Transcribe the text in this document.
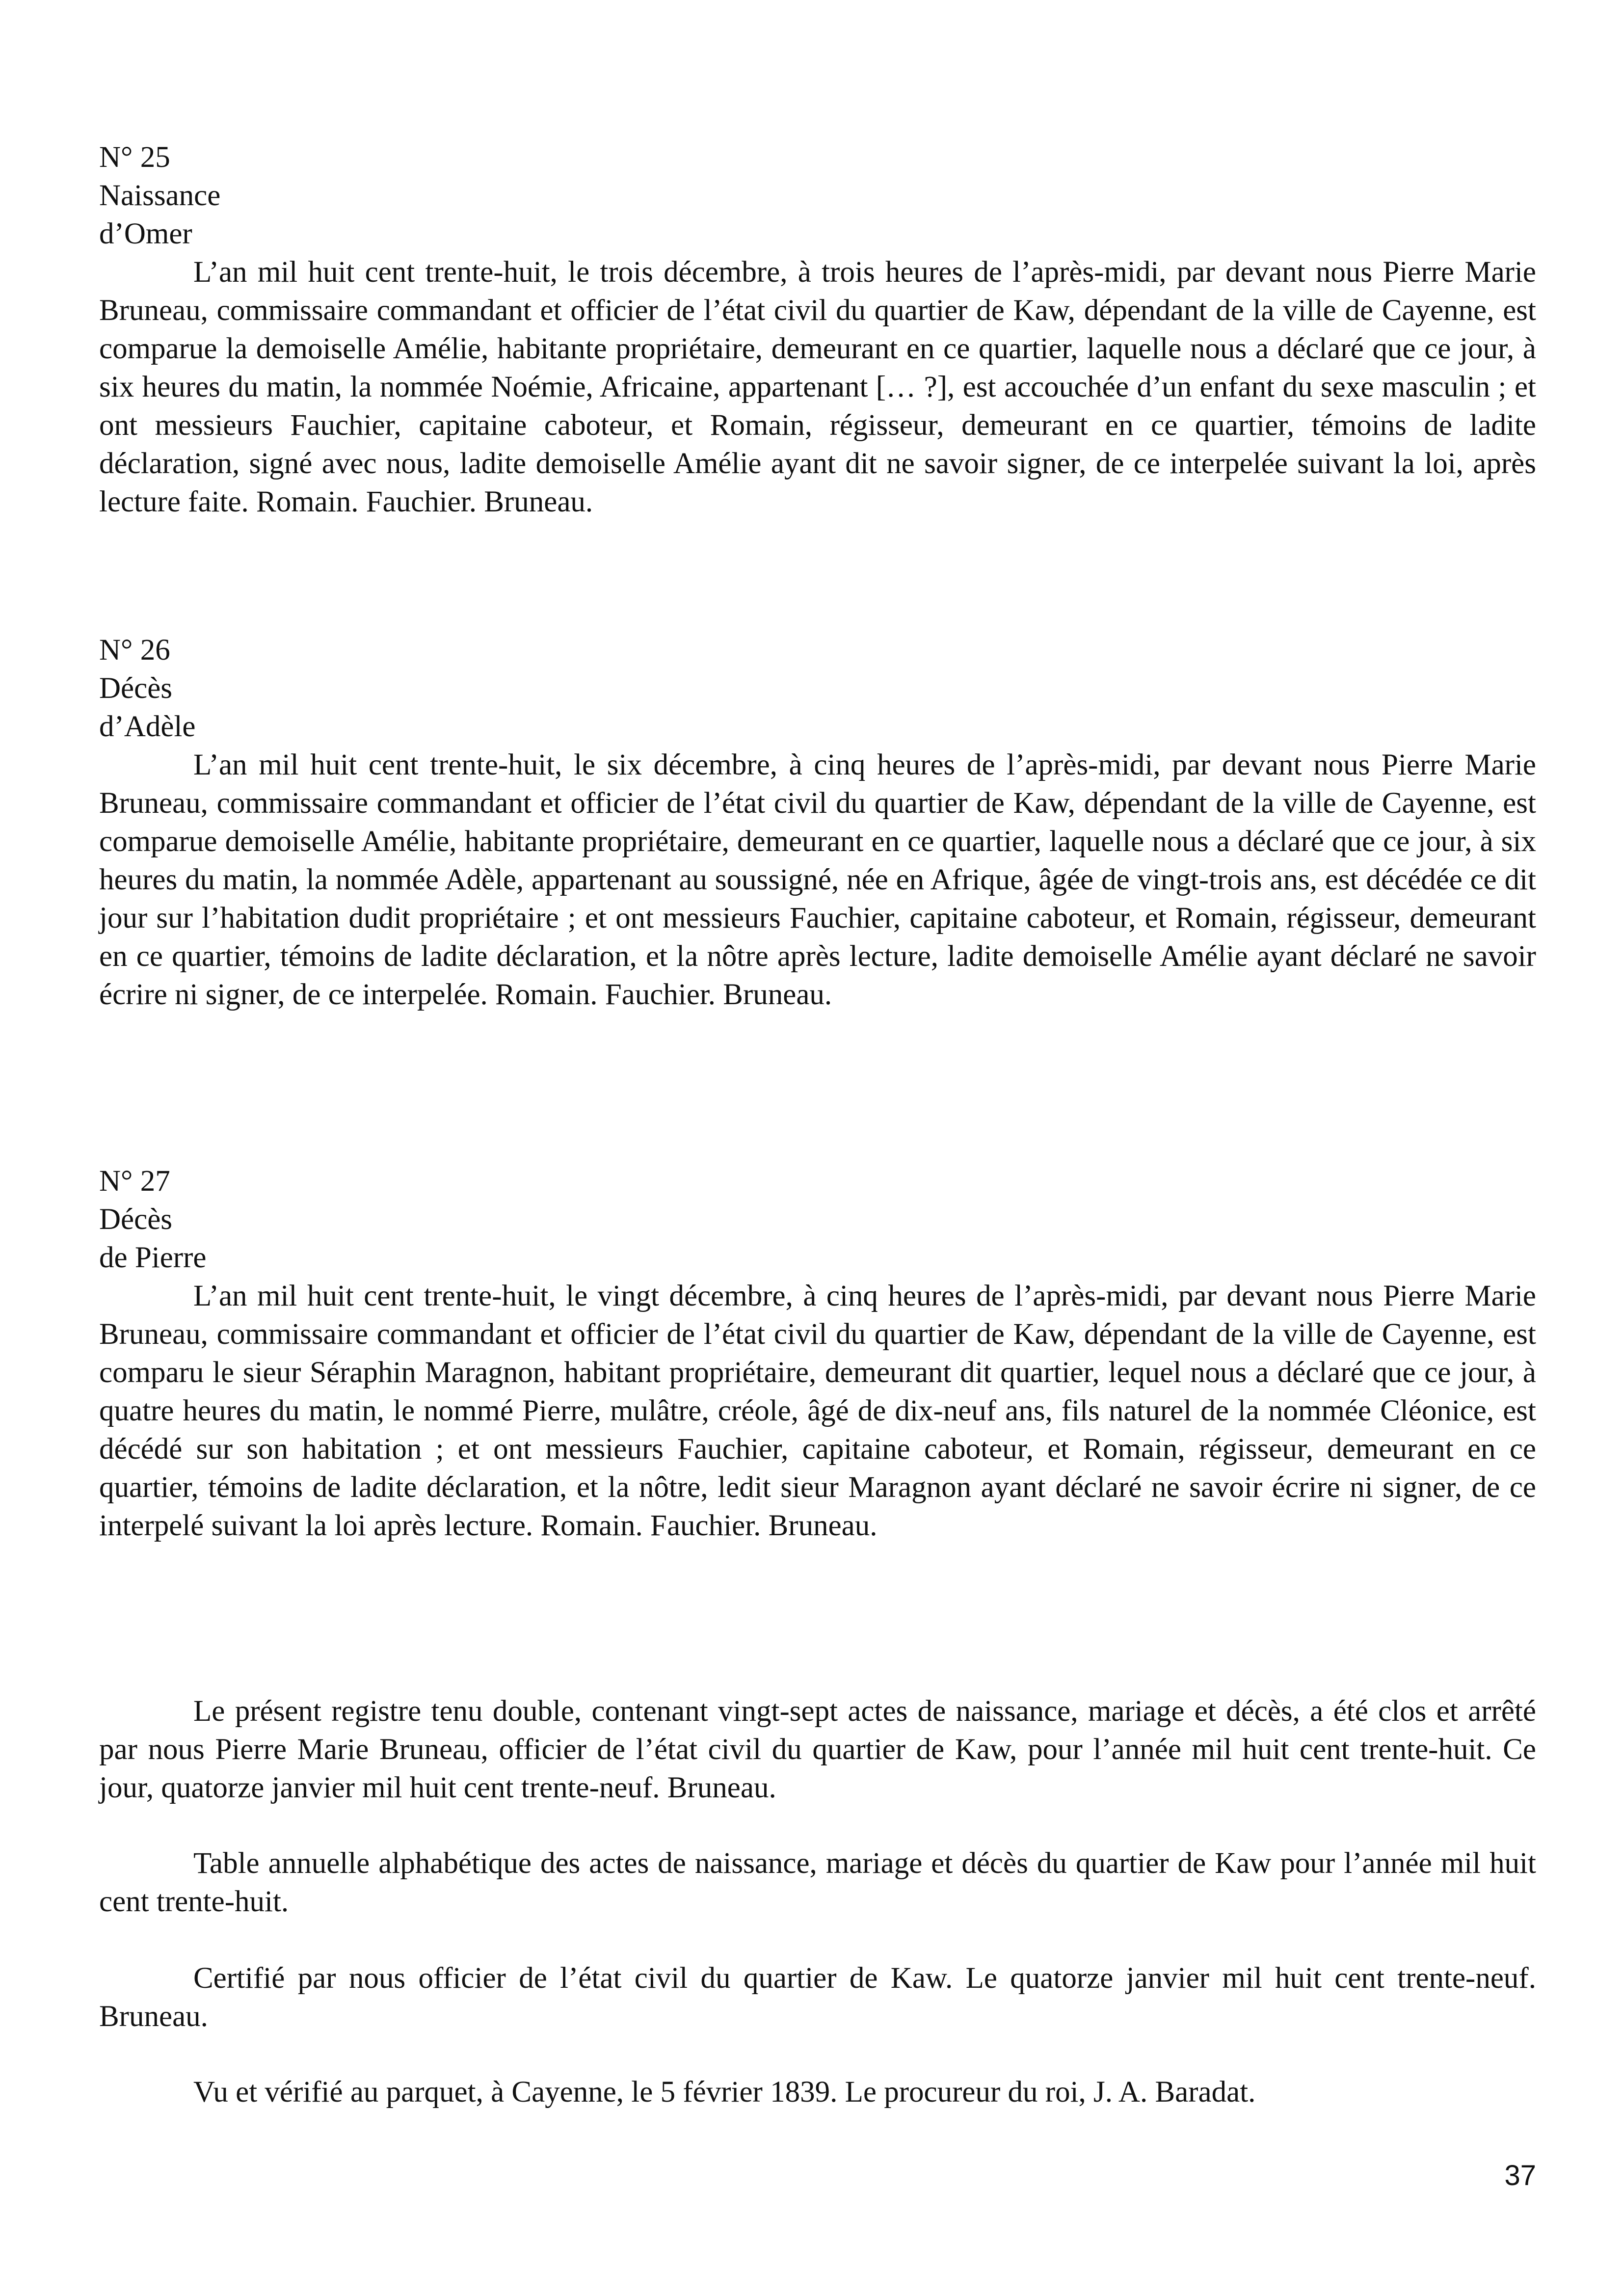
N° 25
Naissance
d’Omer

L’an mil huit cent trente-huit, le trois décembre, à trois heures de l’après-midi, par devant nous Pierre Marie Bruneau, commissaire commandant et officier de l’état civil du quartier de Kaw, dépendant de la ville de Cayenne, est comparue la demoiselle Amélie, habitante propriétaire, demeurant en ce quartier, laquelle nous a déclaré que ce jour, à six heures du matin, la nommée Noémie, Africaine, appartenant [… ?], est accouchée d’un enfant du sexe masculin ; et ont messieurs Fauchier, capitaine caboteur, et Romain, régisseur, demeurant en ce quartier, témoins de ladite déclaration, signé avec nous, ladite demoiselle Amélie ayant dit ne savoir signer, de ce interpelée suivant la loi, après lecture faite. Romain. Fauchier. Bruneau.

N° 26
Décès
d’Adèle

L’an mil huit cent trente-huit, le six décembre, à cinq heures de l’après-midi, par devant nous Pierre Marie Bruneau, commissaire commandant et officier de l’état civil du quartier de Kaw, dépendant de la ville de Cayenne, est comparue demoiselle Amélie, habitante propriétaire, demeurant en ce quartier, laquelle nous a déclaré que ce jour, à six heures du matin, la nommée Adèle, appartenant au soussigné, née en Afrique, âgée de vingt-trois ans, est décédée ce dit jour sur l’habitation dudit propriétaire ; et ont messieurs Fauchier, capitaine caboteur, et Romain, régisseur, demeurant en ce quartier, témoins de ladite déclaration, et la nôtre après lecture, ladite demoiselle Amélie ayant déclaré ne savoir écrire ni signer, de ce interpelée. Romain. Fauchier. Bruneau.

N° 27
Décès
de Pierre

L’an mil huit cent trente-huit, le vingt décembre, à cinq heures de l’après-midi, par devant nous Pierre Marie Bruneau, commissaire commandant et officier de l’état civil du quartier de Kaw, dépendant de la ville de Cayenne, est comparu le sieur Séraphin Maragnon, habitant propriétaire, demeurant dit quartier, lequel nous a déclaré que ce jour, à quatre heures du matin, le nommé Pierre, mulâtre, créole, âgé de dix-neuf ans, fils naturel de la nommée Cléonice, est décédé sur son habitation ; et ont messieurs Fauchier, capitaine caboteur, et Romain, régisseur, demeurant en ce quartier, témoins de ladite déclaration, et la nôtre, ledit sieur Maragnon ayant déclaré ne savoir écrire ni signer, de ce interpelé suivant la loi après lecture. Romain. Fauchier. Bruneau.

Le présent registre tenu double, contenant vingt-sept actes de naissance, mariage et décès, a été clos et arrêté par nous Pierre Marie Bruneau, officier de l’état civil du quartier de Kaw, pour l’année mil huit cent trente-huit. Ce jour, quatorze janvier mil huit cent trente-neuf. Bruneau.

Table annuelle alphabétique des actes de naissance, mariage et décès du quartier de Kaw pour l’année mil huit cent trente-huit.

Certifié par nous officier de l’état civil du quartier de Kaw. Le quatorze janvier mil huit cent trente-neuf. Bruneau.

Vu et vérifié au parquet, à Cayenne, le 5 février 1839. Le procureur du roi, J. A. Baradat.

37
